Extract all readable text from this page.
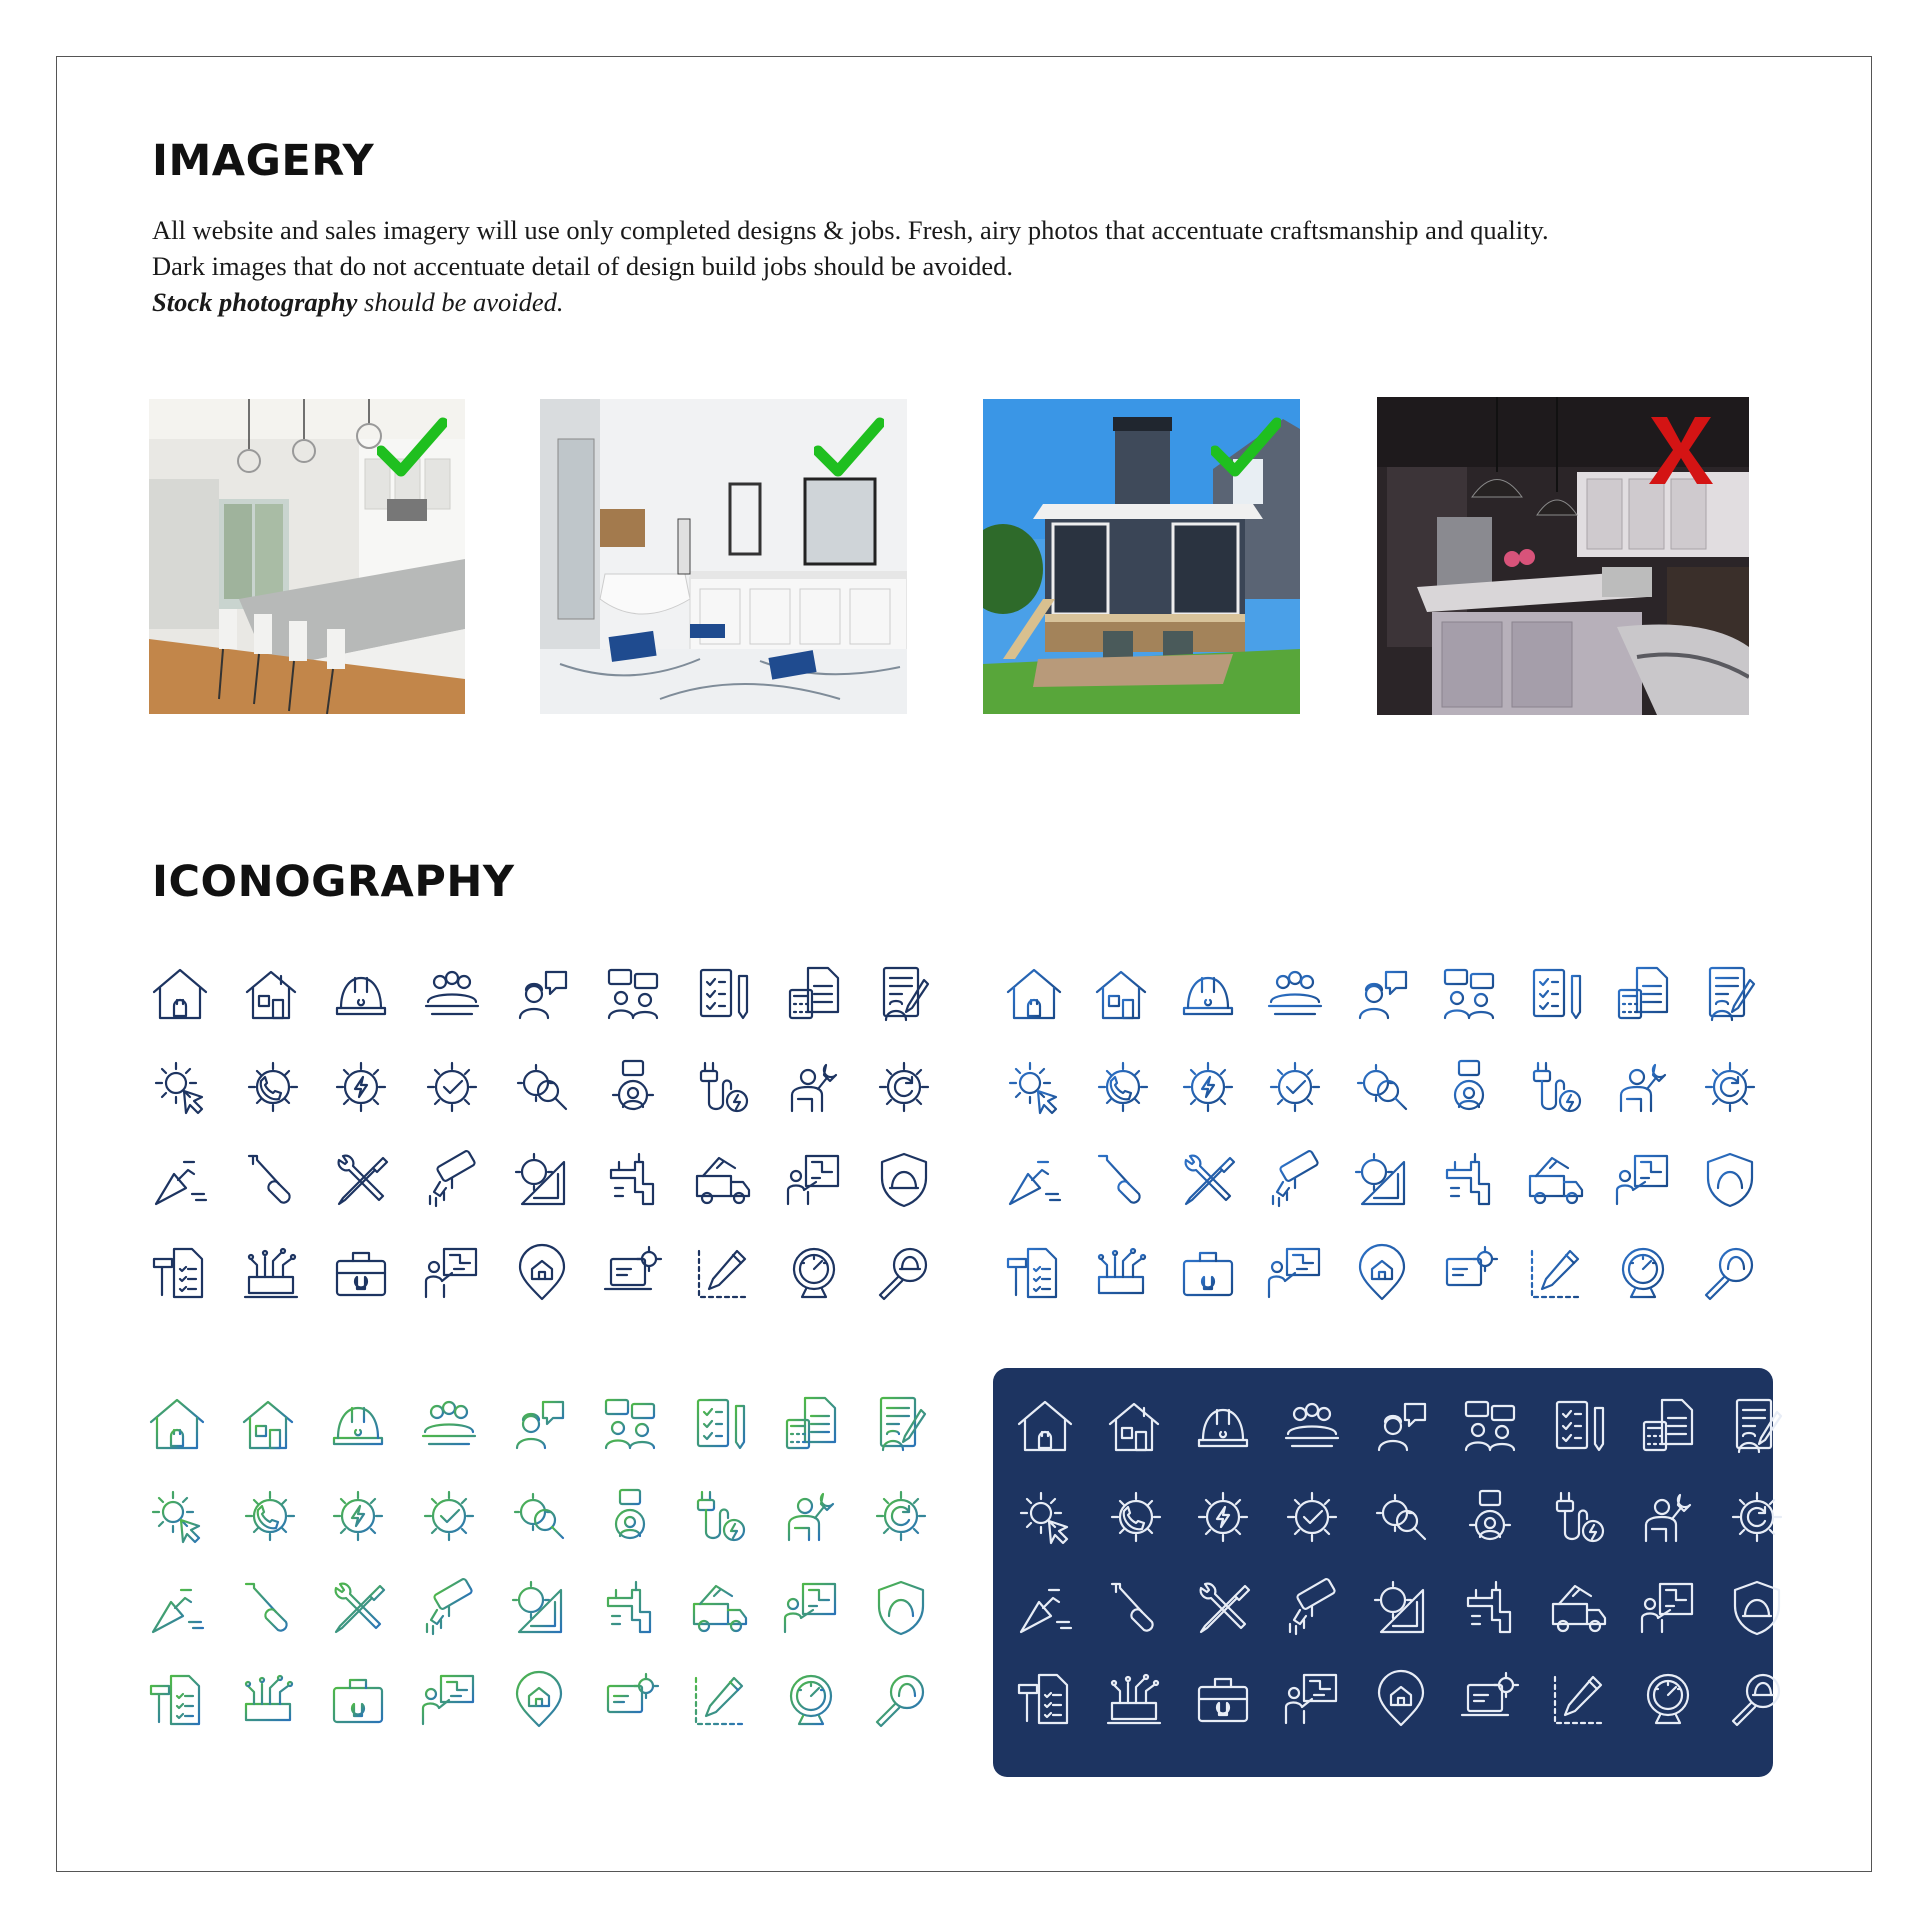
IMAGERY

All website and sales imagery will use only completed designs & jobs. Fresh, airy photos that accentuate craftsmanship and quality.

Dark images that do not accentuate detail of design build jobs should be avoided.

Stock photography should be avoided.

ICONOGRAPHY
